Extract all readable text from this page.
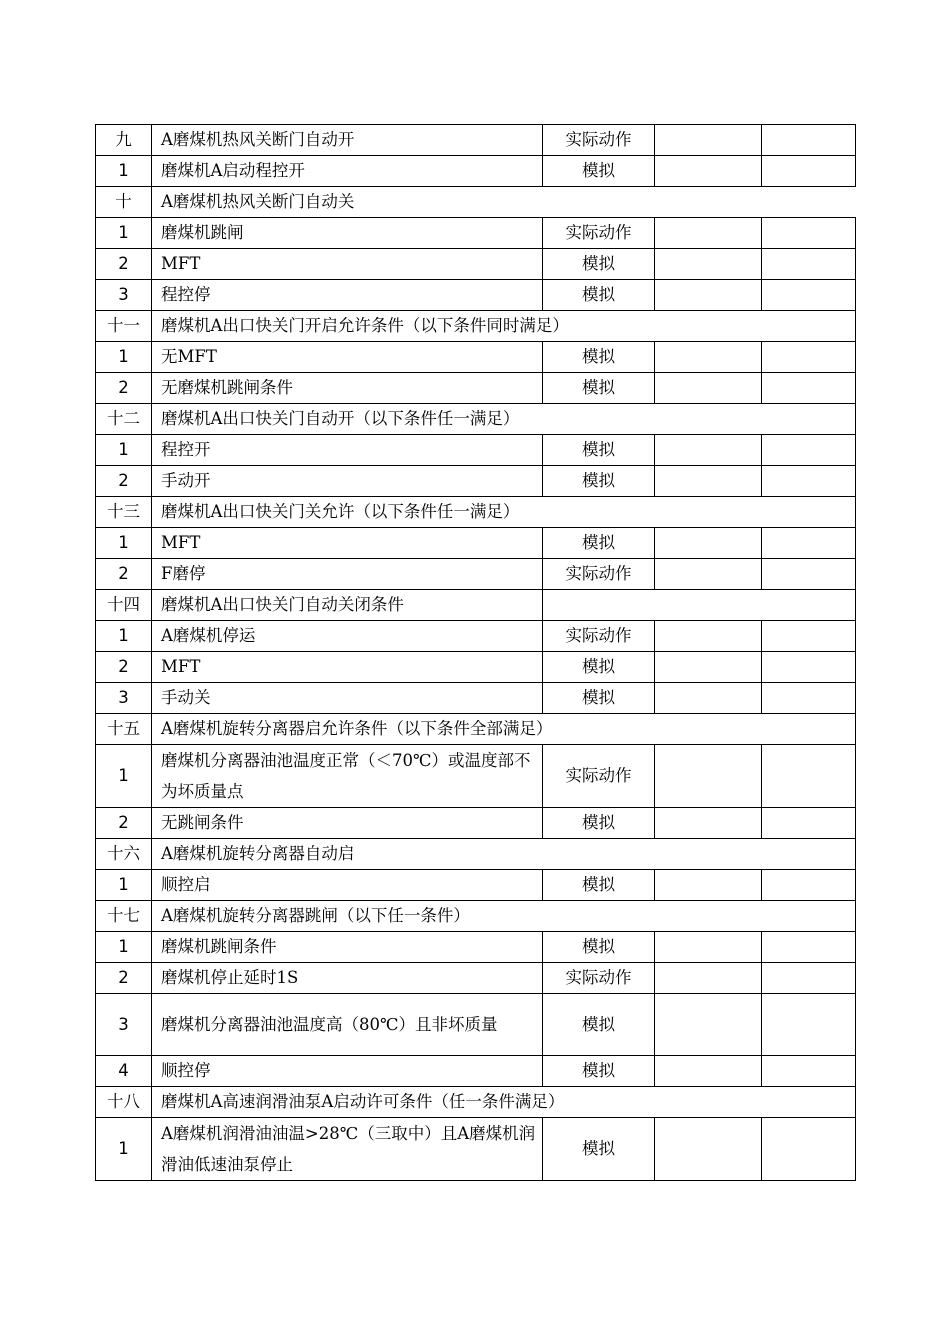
九	A磨煤机热风关断门自动开	实际动作		
1	磨煤机A启动程控开	模拟		
十	A磨煤机热风关断门自动关			
1	磨煤机跳闸	实际动作		
2	MFT	模拟		
3	程控停	模拟		
十一	磨煤机A出口快关门开启允许条件（以下条件同时满足）			
1	无MFT	模拟		
2	无磨煤机跳闸条件	模拟		
十二	磨煤机A出口快关门自动开（以下条件任一满足）			
1	程控开	模拟		
2	手动开	模拟		
十三	磨煤机A出口快关门关允许（以下条件任一满足）			
1	MFT	模拟		
2	F磨停	实际动作		
十四	磨煤机A出口快关门自动关闭条件			
1	A磨煤机停运	实际动作		
2	MFT	模拟		
3	手动关	模拟		
十五	A磨煤机旋转分离器启允许条件（以下条件全部满足）			
1	磨煤机分离器油池温度正常（＜70℃）或温度部不为坏质量点	实际动作		
2	无跳闸条件	模拟		
十六	A磨煤机旋转分离器自动启			
1	顺控启	模拟		
十七	A磨煤机旋转分离器跳闸（以下任一条件）			
1	磨煤机跳闸条件	模拟		
2	磨煤机停止延时1S	实际动作		
3	磨煤机分离器油池温度高（80℃）且非坏质量	模拟		
4	顺控停	模拟		
十八	磨煤机A高速润滑油泵A启动许可条件（任一条件满足）			
1	A磨煤机润滑油油温>28℃（三取中）且A磨煤机润滑油低速油泵停止	模拟		
